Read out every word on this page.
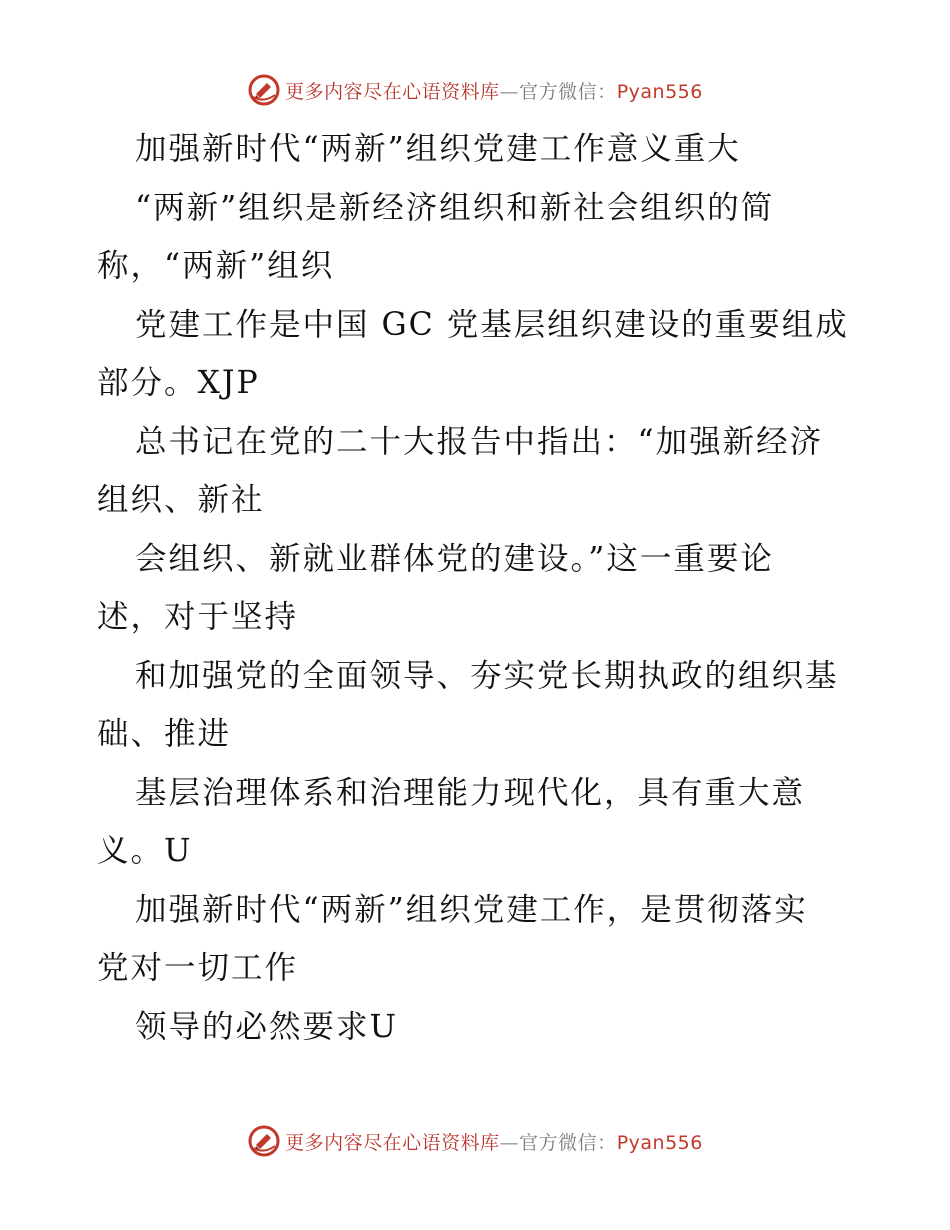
更多内容尽在心语资料库—官方微信：Pyan556

加强新时代“两新”组织党建工作意义重大

“两新”组织是新经济组织和新社会组织的简

称，“两新”组织

党建工作是中国 GC 党基层组织建设的重要组成

部分。XJP

总书记在党的二十大报告中指出：“加强新经济

组织、新社

会组织、新就业群体党的建设。”这一重要论

述，对于坚持

和加强党的全面领导、夯实党长期执政的组织基

础、推进

基层治理体系和治理能力现代化，具有重大意

义。U

加强新时代“两新”组织党建工作，是贯彻落实

党对一切工作

领导的必然要求U

更多内容尽在心语资料库—官方微信：Pyan556
